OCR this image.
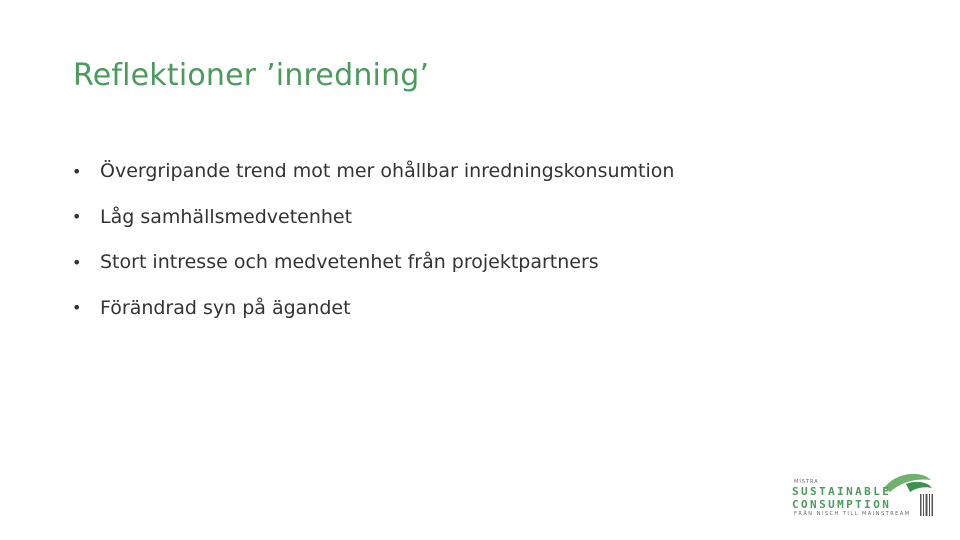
Reflektioner ’inredning’
• Övergripande trend mot mer ohållbar inredningskonsumtion
• Låg samhällsmedvetenhet
• Stort intresse och medvetenhet från projektpartners
• Förändrad syn på ägandet
MISTRA
SUSTAINABLE
CONSUMPTION
FRÅN NISCH TILL MAINSTREAM
